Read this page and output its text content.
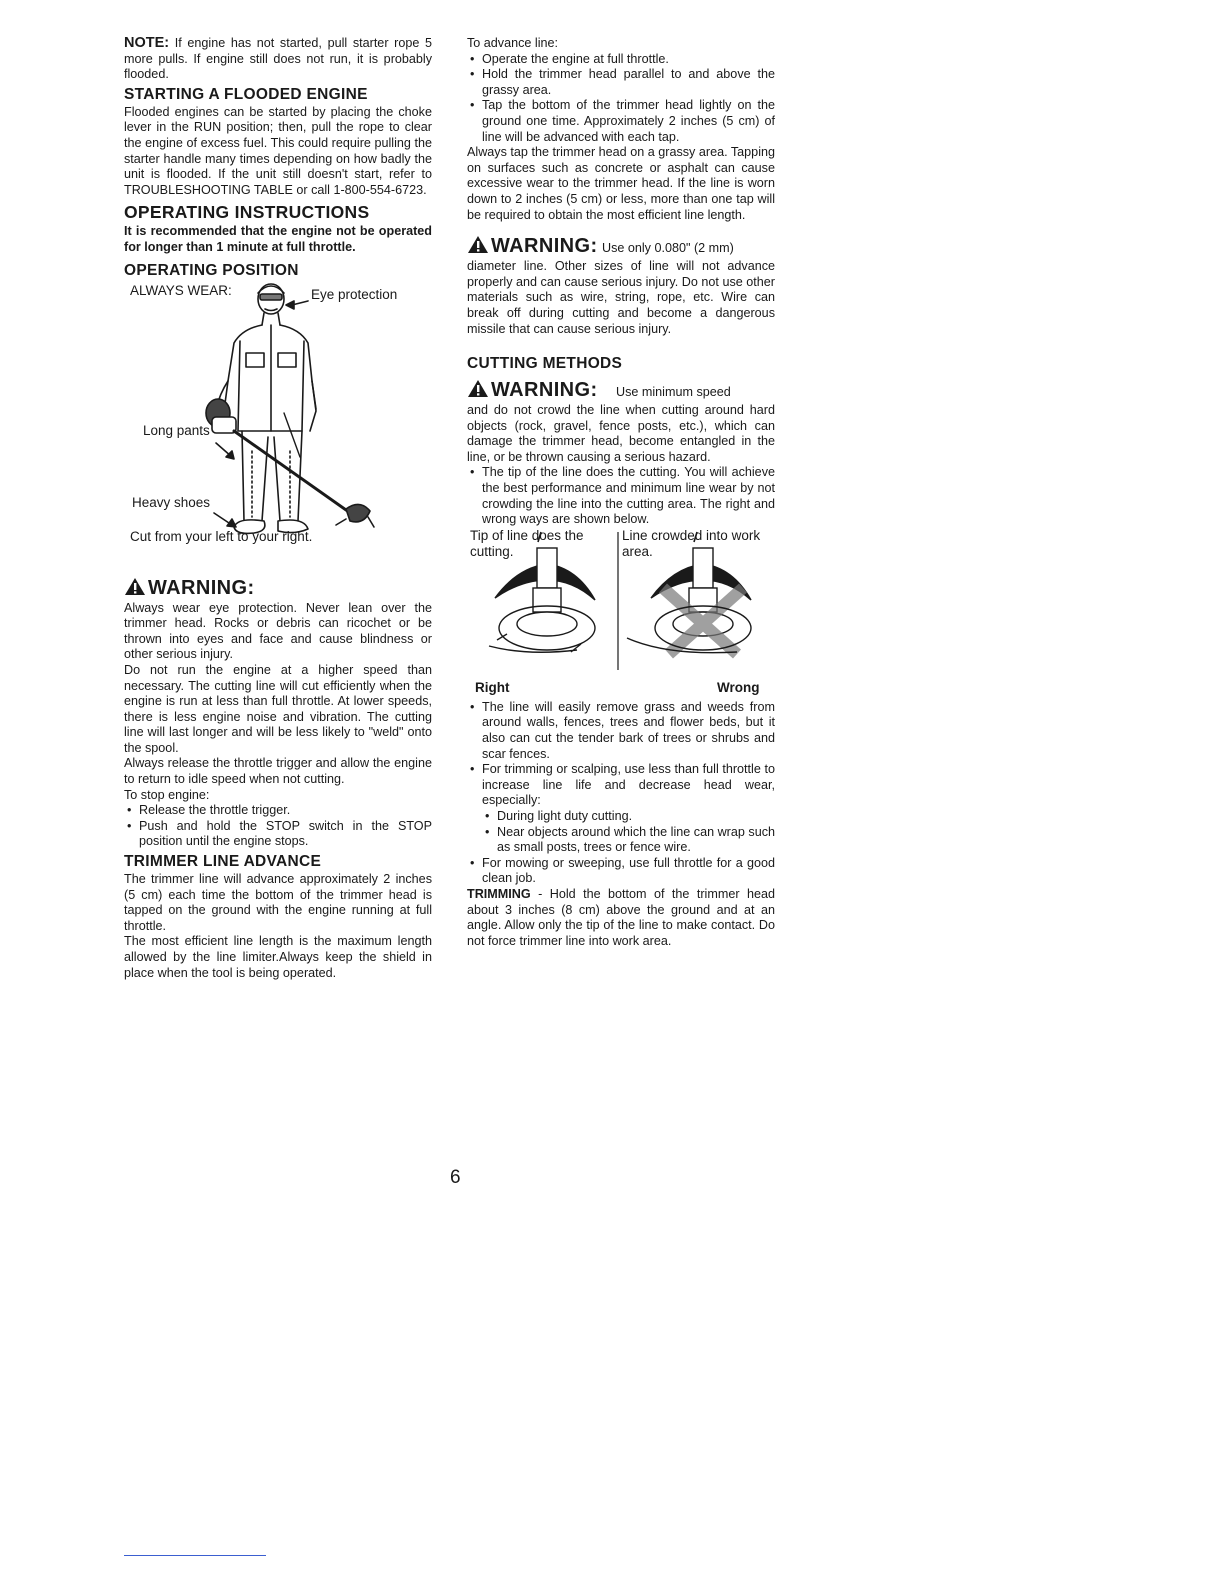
NOTE: If engine has not started, pull starter rope 5 more pulls. If engine still does not run, it is probably flooded.

STARTING A FLOODED ENGINE

Flooded engines can be started by placing the choke lever in the RUN position; then, pull the rope to clear the engine of excess fuel. This could require pulling the starter handle many times depending on how badly the unit is flooded. If the unit still doesn't start, refer to TROUBLESHOOTING TABLE or call 1-800-554-6723.

OPERATING INSTRUCTIONS

It is recommended that the engine not be operated for longer than 1 minute at full throttle.

OPERATING POSITION
ALWAYS WEAR:	Eye protection
Long pants
Heavy shoes
Cut from your left to your right.
WARNING:

Always wear eye protection. Never lean over the trimmer head. Rocks or debris can ricochet or be thrown into eyes and face and cause blindness or other serious injury.

Do not run the engine at a higher speed than necessary. The cutting line will cut efficiently when the engine is run at less than full throttle. At lower speeds, there is less engine noise and vibration. The cutting line will last longer and will be less likely to "weld" onto the spool.

Always release the throttle trigger and allow the engine to return to idle speed when not cutting.

To stop engine:

• Release the throttle trigger.
• Push and hold the STOP switch in the STOP position until the engine stops.
TRIMMER LINE ADVANCE

The trimmer line will advance approximately 2 inches (5 cm) each time the bottom of the trimmer head is tapped on the ground with the engine running at full throttle.

The most efficient line length is the maximum length allowed by the line limiter.Always keep the shield in place when the tool is being operated.

To advance line:

• Operate the engine at full throttle.
• Hold the trimmer head parallel to and above the grassy area.
• Tap the bottom of the trimmer head lightly on the ground one time. Approximately 2 inches (5 cm) of line will be advanced with each tap.

Always tap the trimmer head on a grassy area. Tapping on surfaces such as concrete or asphalt can cause excessive wear to the trimmer head. If the line is worn down to 2 inches (5 cm) or less, more than one tap will be required to obtain the most efficient line length.

WARNING: Use only 0.080" (2 mm)

diameter line. Other sizes of line will not advance properly and can cause serious injury. Do not use other materials such as wire, string, rope, etc. Wire can break off during cutting and become a dangerous missile that can cause serious injury.

CUTTING METHODS
WARNING: Use minimum speed

and do not crowd the line when cutting around hard objects (rock, gravel, fence posts, etc.), which can damage the trimmer head, become entangled in the line, or be thrown causing a serious hazard.

• The tip of the line does the cutting. You will achieve the best performance and minimum line wear by not crowding the line into the cutting area. The right and wrong ways are shown below.
Tip of line does the cutting.
Line crowded into work area.
Right	Wrong
• The line will easily remove grass and weeds from around walls, fences, trees and flower beds, but it also can cut the tender bark of trees or shrubs and scar fences.
• For trimming or scalping, use less than full throttle to increase line life and decrease head wear, especially:
• During light duty cutting.
• Near objects around which the line can wrap such as small posts, trees or fence wire.
• For mowing or sweeping, use full throttle for a good clean job.

TRIMMING - Hold the bottom of the trimmer head about 3 inches (8 cm) above the ground and at an angle. Allow only the tip of the line to make contact. Do not force trimmer line into work area.

6
